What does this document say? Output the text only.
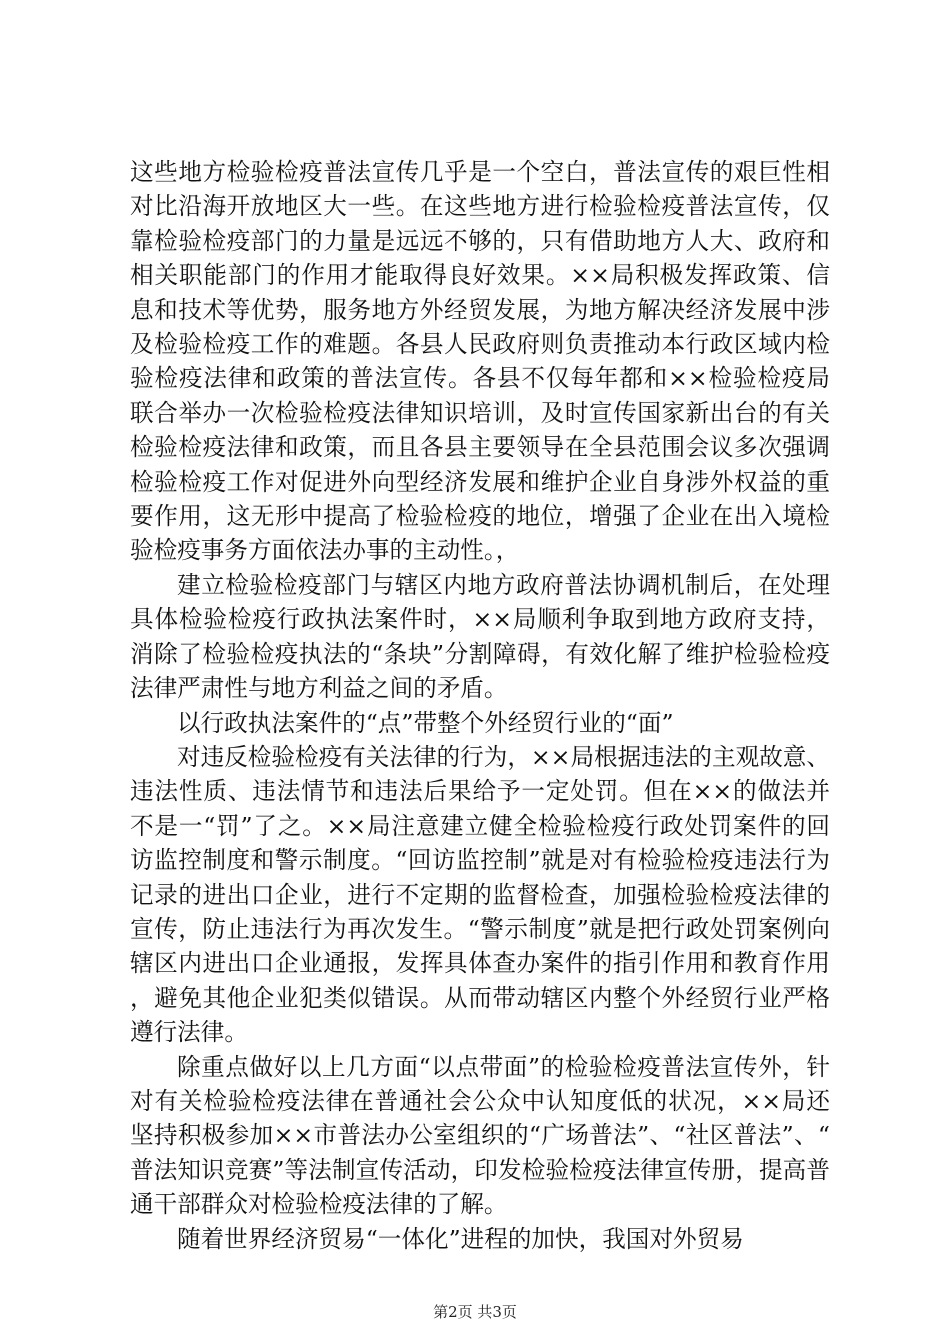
这些地方检验检疫普法宣传几乎是一个空白，普法宣传的艰巨性相对比沿海开放地区大一些。在这些地方进行检验检疫普法宣传，仅靠检验检疫部门的力量是远远不够的，只有借助地方人大、政府和相关职能部门的作用才能取得良好效果。××局积极发挥政策、信息和技术等优势，服务地方外经贸发展，为地方解决经济发展中涉及检验检疫工作的难题。各县人民政府则负责推动本行政区域内检验检疫法律和政策的普法宣传。各县不仅每年都和××检验检疫局联合举办一次检验检疫法律知识培训，及时宣传国家新出台的有关检验检疫法律和政策，而且各县主要领导在全县范围会议多次强调检验检疫工作对促进外向型经济发展和维护企业自身涉外权益的重要作用，这无形中提高了检验检疫的地位，增强了企业在出入境检验检疫事务方面依法办事的主动性。，

建立检验检疫部门与辖区内地方政府普法协调机制后，在处理具体检验检疫行政执法案件时，××局顺利争取到地方政府支持，消除了检验检疫执法的“条块”分割障碍，有效化解了维护检验检疫法律严肃性与地方利益之间的矛盾。

以行政执法案件的“点”带整个外经贸行业的“面”

对违反检验检疫有关法律的行为，××局根据违法的主观故意、违法性质、违法情节和违法后果给予一定处罚。但在××的做法并不是一“罚”了之。××局注意建立健全检验检疫行政处罚案件的回访监控制度和警示制度。“回访监控制”就是对有检验检疫违法行为记录的进出口企业，进行不定期的监督检查，加强检验检疫法律的宣传，防止违法行为再次发生。“警示制度”就是把行政处罚案例向辖区内进出口企业通报，发挥具体查办案件的指引作用和教育作用，避免其他企业犯类似错误。从而带动辖区内整个外经贸行业严格遵行法律。

除重点做好以上几方面“以点带面”的检验检疫普法宣传外，针对有关检验检疫法律在普通社会公众中认知度低的状况，××局还坚持积极参加××市普法办公室组织的“广场普法”、“社区普法”、“普法知识竞赛”等法制宣传活动，印发检验检疫法律宣传册，提高普通干部群众对检验检疫法律的了解。

随着世界经济贸易“一体化”进程的加快，我国对外贸易

第2页 共3页
